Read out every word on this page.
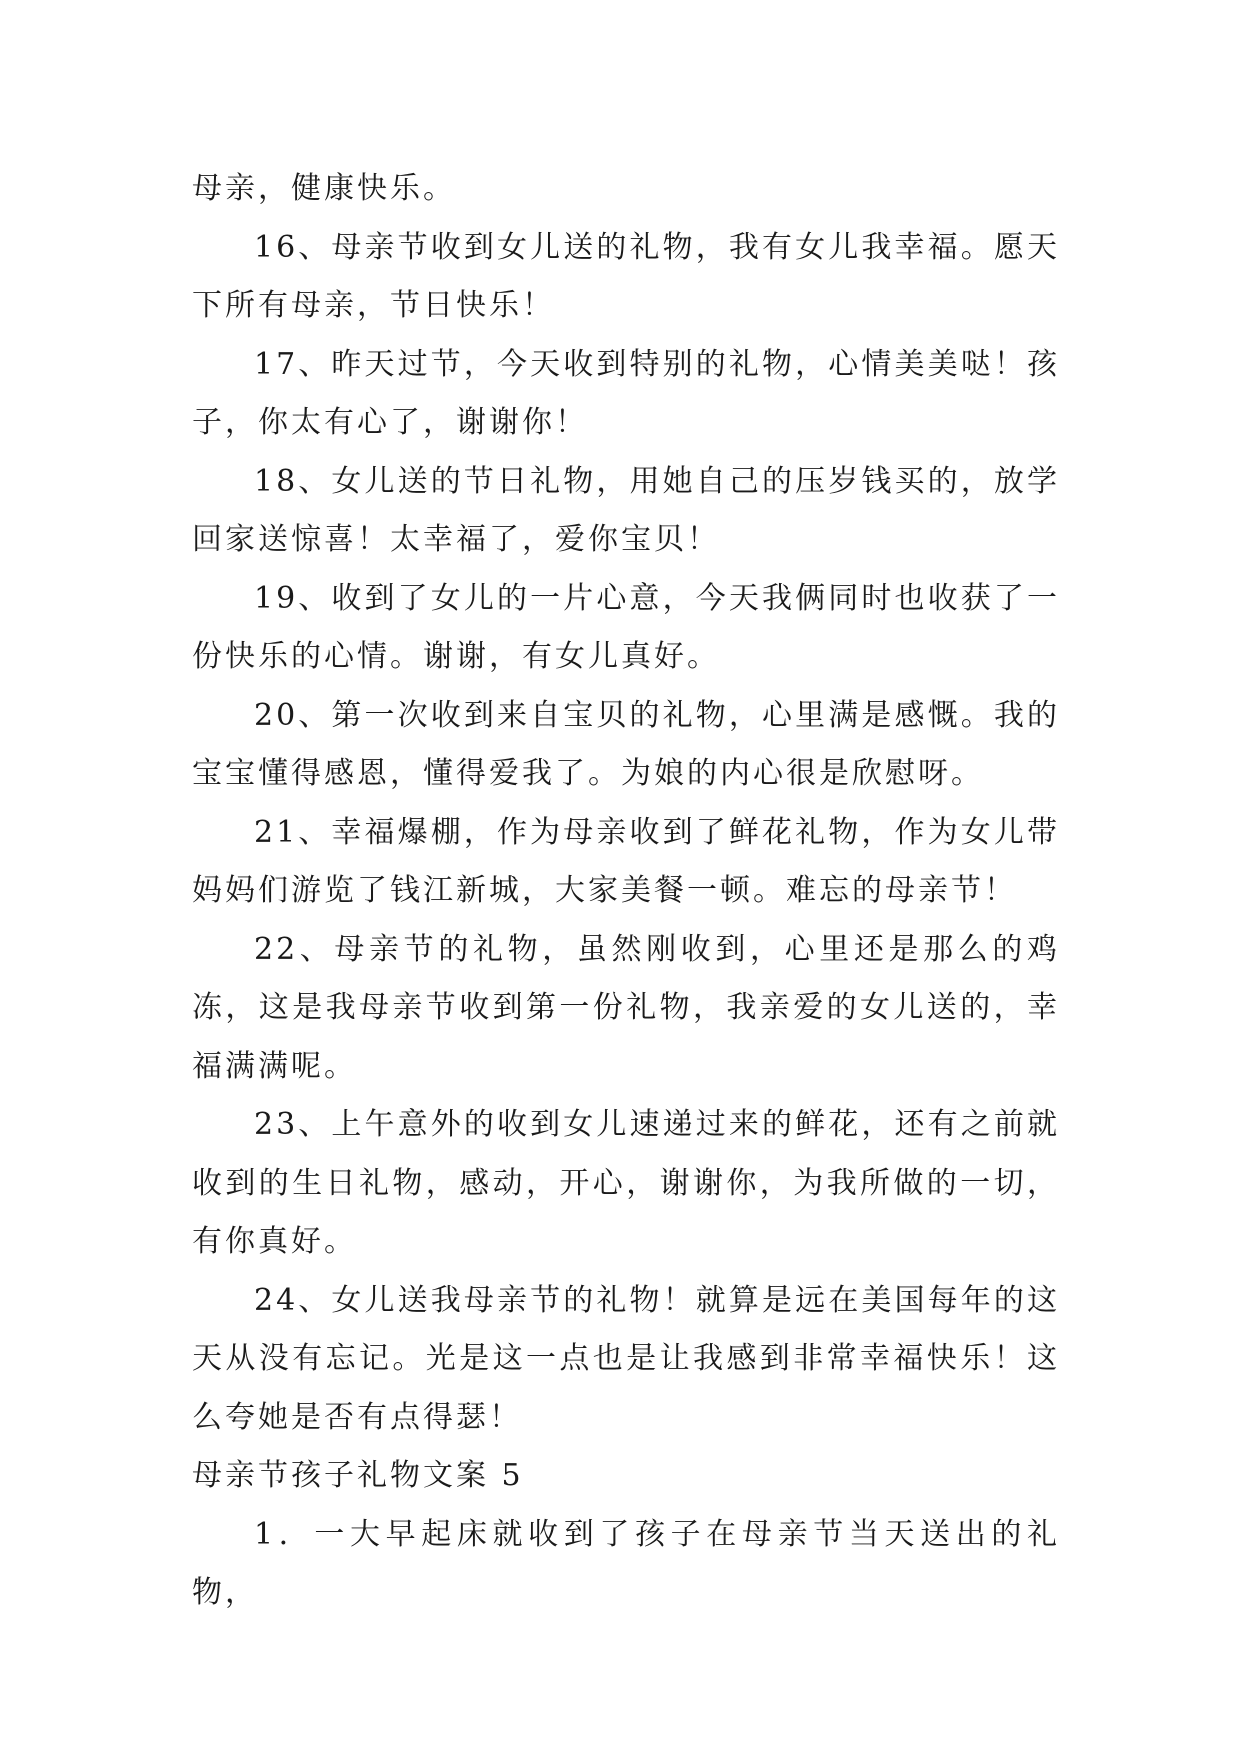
母亲，健康快乐。

16、母亲节收到女儿送的礼物，我有女儿我幸福。愿天下所有母亲，节日快乐！

17、昨天过节，今天收到特别的礼物，心情美美哒！孩子，你太有心了，谢谢你！

18、女儿送的节日礼物，用她自己的压岁钱买的，放学回家送惊喜！太幸福了，爱你宝贝！

19、收到了女儿的一片心意，今天我俩同时也收获了一份快乐的心情。谢谢，有女儿真好。

20、第一次收到来自宝贝的礼物，心里满是感慨。我的宝宝懂得感恩，懂得爱我了。为娘的内心很是欣慰呀。

21、幸福爆棚，作为母亲收到了鲜花礼物，作为女儿带妈妈们游览了钱江新城，大家美餐一顿。难忘的母亲节！

22、母亲节的礼物，虽然刚收到，心里还是那么的鸡冻，这是我母亲节收到第一份礼物，我亲爱的女儿送的，幸福满满呢。

23、上午意外的收到女儿速递过来的鲜花，还有之前就收到的生日礼物，感动，开心，谢谢你，为我所做的一切，有你真好。

24、女儿送我母亲节的礼物！就算是远在美国每年的这天从没有忘记。光是这一点也是让我感到非常幸福快乐！这么夸她是否有点得瑟！

母亲节孩子礼物文案 5

1．一大早起床就收到了孩子在母亲节当天送出的礼物，
